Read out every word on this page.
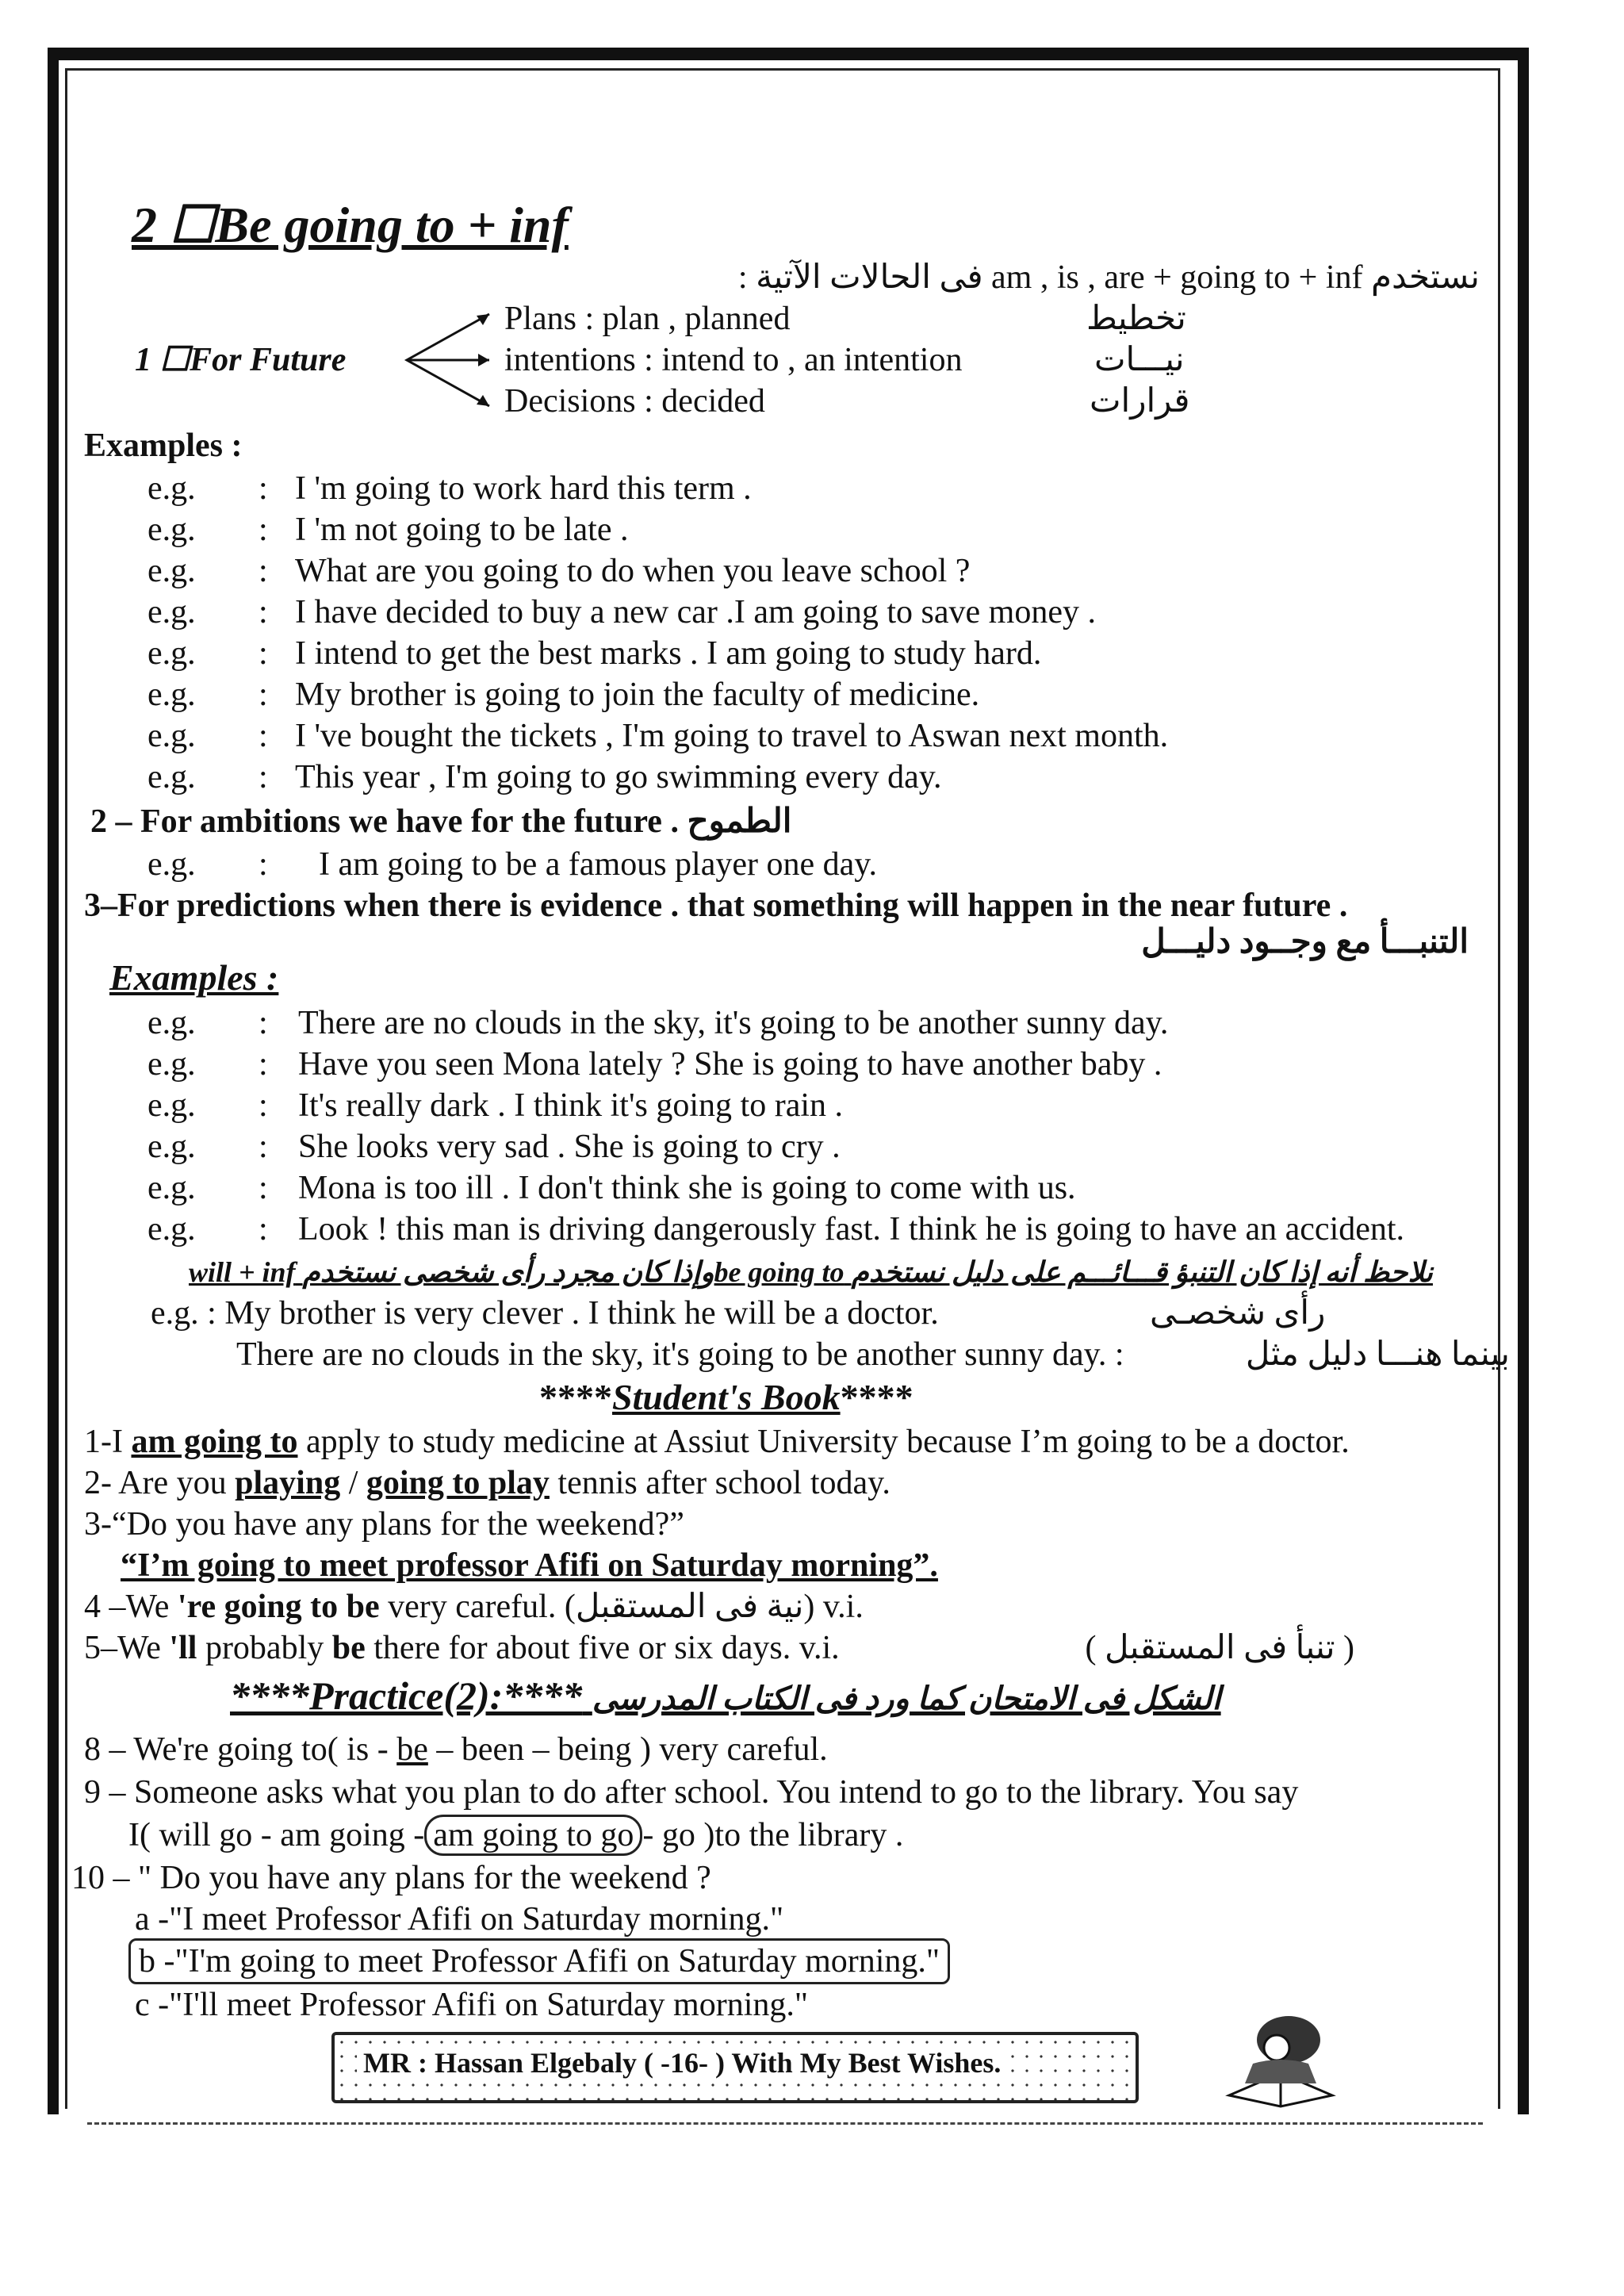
2 ☐Be going to + inf
نستخدم am , is , are + going to + inf فى الحالات الآتية :
1 ☐For Future
Plans : plan , planned	تخطيط
intentions : intend to , an intention	نيـــات
Decisions : decided	قرارات
Examples :
e.g. : I 'm going to work hard this term .
e.g. : I 'm not going to be late .
e.g. : What are you going to do when you leave school ?
e.g. : I have decided to buy a new car .I am going to save money .
e.g. : I intend to get the best marks . I am going to study hard.
e.g. : My brother is going to join the faculty of medicine.
e.g. : I 've bought the tickets , I'm going to travel to Aswan next month.
e.g. : This year , I'm going to go swimming every day.
2 – For ambitions we have for the future . الطموح
e.g. : I am going to be a famous player one day.
3–For predictions when there is evidence . that something will happen in the near future .
التنبـــأ مع وجــود دليـــل
Examples :
e.g. : There are no clouds in the sky, it's going to be another sunny day.
e.g. : Have you seen Mona lately ? She is going to have another baby .
e.g. : It's really dark . I think it's going to rain .
e.g. : She looks very sad . She is going to cry .
e.g. : Mona is too ill . I don't think she is going to come with us.
e.g. : Look ! this man is driving dangerously fast. I think he is going to have an accident.
will + inf وإذا كان مجرد رأى شخصى نستخدمbe going to نلاحظ أنه إذا كان التنبؤ قـــائـــم على دليل نستخدم
e.g. : My brother is very clever . I think he will be a doctor.	رأى شخصـى
There are no clouds in the sky, it's going to be another sunny day. :	بينما هنـــا دليل مثل
****Student's Book****
1-I am going to apply to study medicine at Assiut University because I’m going to be a doctor.
2- Are you playing / going to play tennis after school today.
3-“Do you have any plans for the weekend?”
“I’m going to meet professor Afifi on Saturday morning”.
4 –We 're going to be very careful. (نية فى المستقبل) v.i.
5–We 'll probably be there for about five or six days. v.i.	( تنبأ فى المستقبل )
****Practice(2):**** الشكل فى الامتحان كما ورد فى الكتاب المدرسى
8 – We're going to( is - be – been – being ) very careful.
9 – Someone asks what you plan to do after school. You intend to go to the library. You say
I( will go - am going - am going to go - go )to the library .
10 – " Do you have any plans for the weekend ?
a -"I meet Professor Afifi on Saturday morning."
b -"I'm going to meet Professor Afifi on Saturday morning."
c -"I'll meet Professor Afifi on Saturday morning."
MR : Hassan Elgebaly ( -16- ) With My Best Wishes.
